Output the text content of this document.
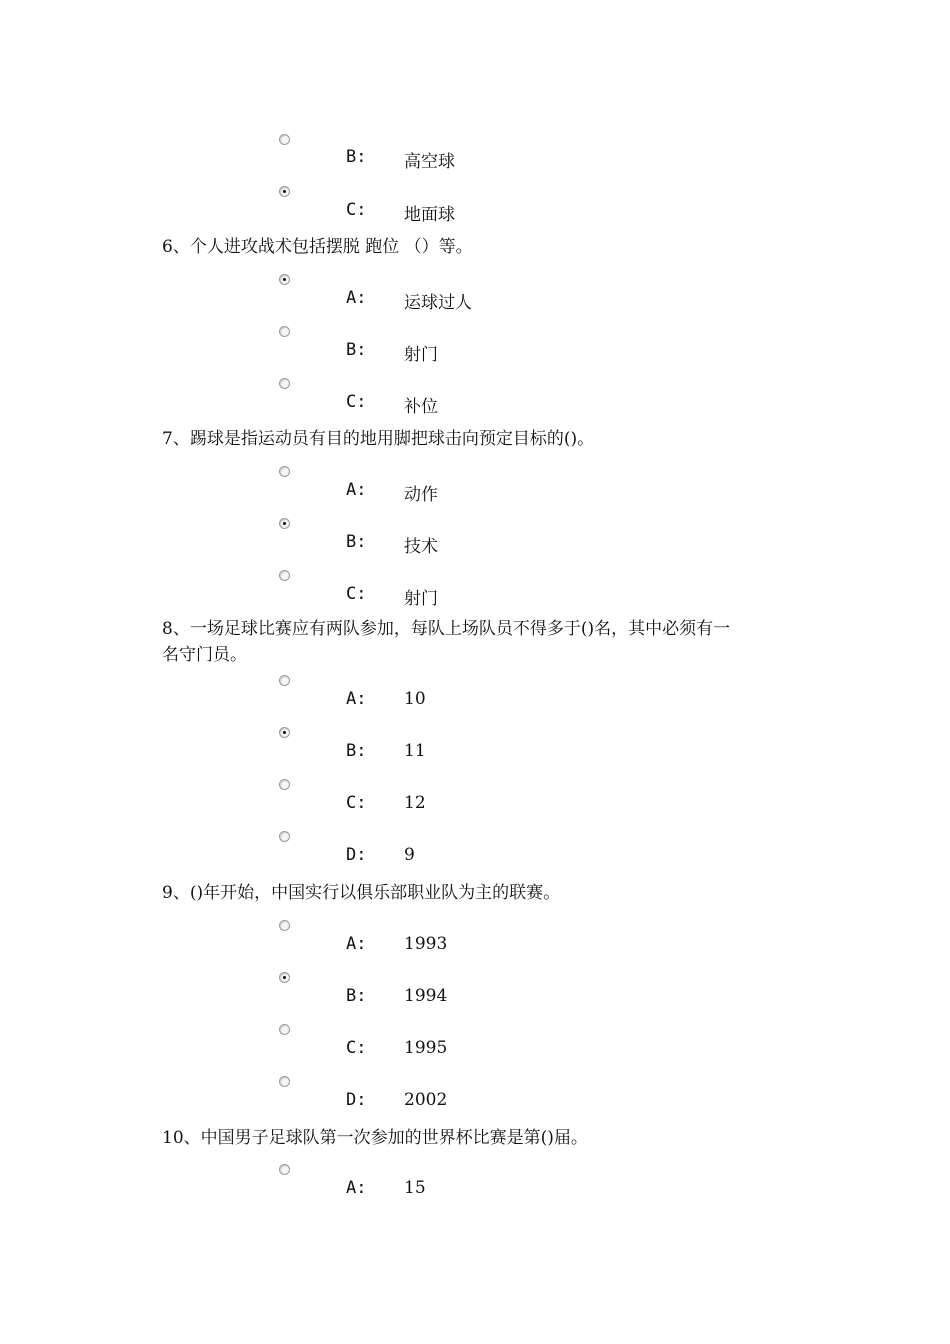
B: 高空球
C: 地面球
6、个人进攻战术包括摆脱 跑位 （）等。
A: 运球过人
B: 射门
C: 补位
7、踢球是指运动员有目的地用脚把球击向预定目标的()。
A: 动作
B: 技术
C: 射门
8、一场足球比赛应有两队参加，每队上场队员不得多于()名，其中必须有一
名守门员。
A: 10
B: 11
C: 12
D: 9
9、()年开始，中国实行以俱乐部职业队为主的联赛。
A: 1993
B: 1994
C: 1995
D: 2002
10、中国男子足球队第一次参加的世界杯比赛是第()届。
A: 15
